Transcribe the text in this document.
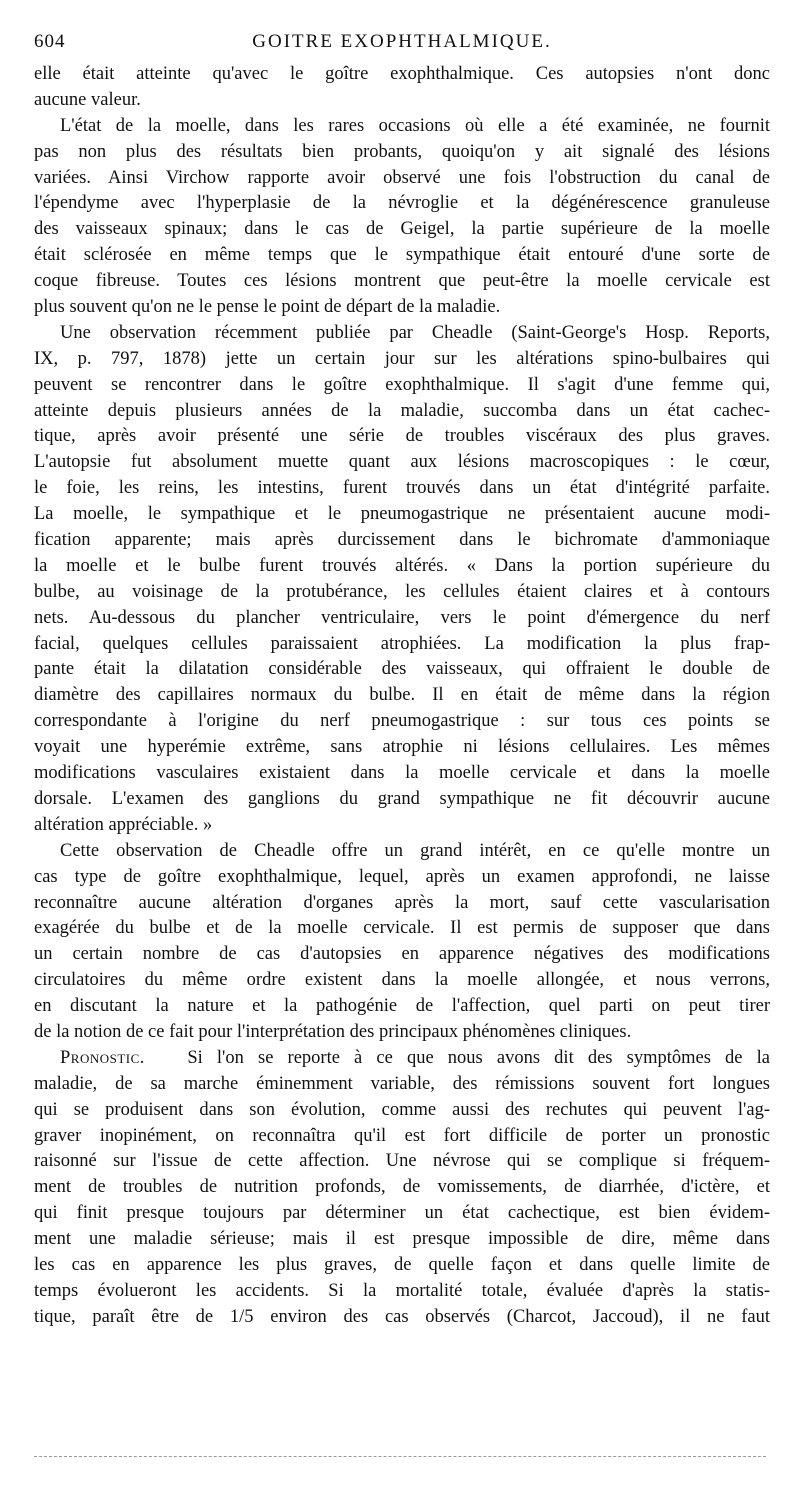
604	GOITRE EXOPHTHALMIQUE.
elle était atteinte qu'avec le goître exophthalmique. Ces autopsies n'ont donc
aucune valeur.
L'état de la moelle, dans les rares occasions où elle a été examinée, ne fournit
pas non plus des résultats bien probants, quoiqu'on y ait signalé des lésions
variées. Ainsi Virchow rapporte avoir observé une fois l'obstruction du canal de
l'épendyme avec l'hyperplasie de la névroglie et la dégénérescence granuleuse
des vaisseaux spinaux; dans le cas de Geigel, la partie supérieure de la moelle
était sclérosée en même temps que le sympathique était entouré d'une sorte de
coque fibreuse. Toutes ces lésions montrent que peut-être la moelle cervicale est
plus souvent qu'on ne le pense le point de départ de la maladie.
Une observation récemment publiée par Cheadle (Saint-George's Hosp. Reports,
IX, p. 797, 1878) jette un certain jour sur les altérations spino-bulbaires qui
peuvent se rencontrer dans le goître exophthalmique. Il s'agit d'une femme qui,
atteinte depuis plusieurs années de la maladie, succomba dans un état cachec-
tique, après avoir présenté une série de troubles viscéraux des plus graves.
L'autopsie fut absolument muette quant aux lésions macroscopiques : le cœur,
le foie, les reins, les intestins, furent trouvés dans un état d'intégrité parfaite.
La moelle, le sympathique et le pneumogastrique ne présentaient aucune modi-
fication apparente; mais après durcissement dans le bichromate d'ammoniaque
la moelle et le bulbe furent trouvés altérés. « Dans la portion supérieure du
bulbe, au voisinage de la protubérance, les cellules étaient claires et à contours
nets. Au-dessous du plancher ventriculaire, vers le point d'émergence du nerf
facial, quelques cellules paraissaient atrophiées. La modification la plus frap-
pante était la dilatation considérable des vaisseaux, qui offraient le double de
diamètre des capillaires normaux du bulbe. Il en était de même dans la région
correspondante à l'origine du nerf pneumogastrique : sur tous ces points se
voyait une hyperémie extrême, sans atrophie ni lésions cellulaires. Les mêmes
modifications vasculaires existaient dans la moelle cervicale et dans la moelle
dorsale. L'examen des ganglions du grand sympathique ne fit découvrir aucune
altération appréciable. »
Cette observation de Cheadle offre un grand intérêt, en ce qu'elle montre un
cas type de goître exophthalmique, lequel, après un examen approfondi, ne laisse
reconnaître aucune altération d'organes après la mort, sauf cette vascularisation
exagérée du bulbe et de la moelle cervicale. Il est permis de supposer que dans
un certain nombre de cas d'autopsies en apparence négatives des modifications
circulatoires du même ordre existent dans la moelle allongée, et nous verrons,
en discutant la nature et la pathogénie de l'affection, quel parti on peut tirer
de la notion de ce fait pour l'interprétation des principaux phénomènes cliniques.
Pronostic. Si l'on se reporte à ce que nous avons dit des symptômes de la
maladie, de sa marche éminemment variable, des rémissions souvent fort longues
qui se produisent dans son évolution, comme aussi des rechutes qui peuvent l'ag-
graver inopinément, on reconnaîtra qu'il est fort difficile de porter un pronostic
raisonné sur l'issue de cette affection. Une névrose qui se complique si fréquem-
ment de troubles de nutrition profonds, de vomissements, de diarrhée, d'ictère, et
qui finit presque toujours par déterminer un état cachectique, est bien évidem-
ment une maladie sérieuse; mais il est presque impossible de dire, même dans
les cas en apparence les plus graves, de quelle façon et dans quelle limite de
temps évolueront les accidents. Si la mortalité totale, évaluée d'après la statis-
tique, paraît être de 1/5 environ des cas observés (Charcot, Jaccoud), il ne faut
